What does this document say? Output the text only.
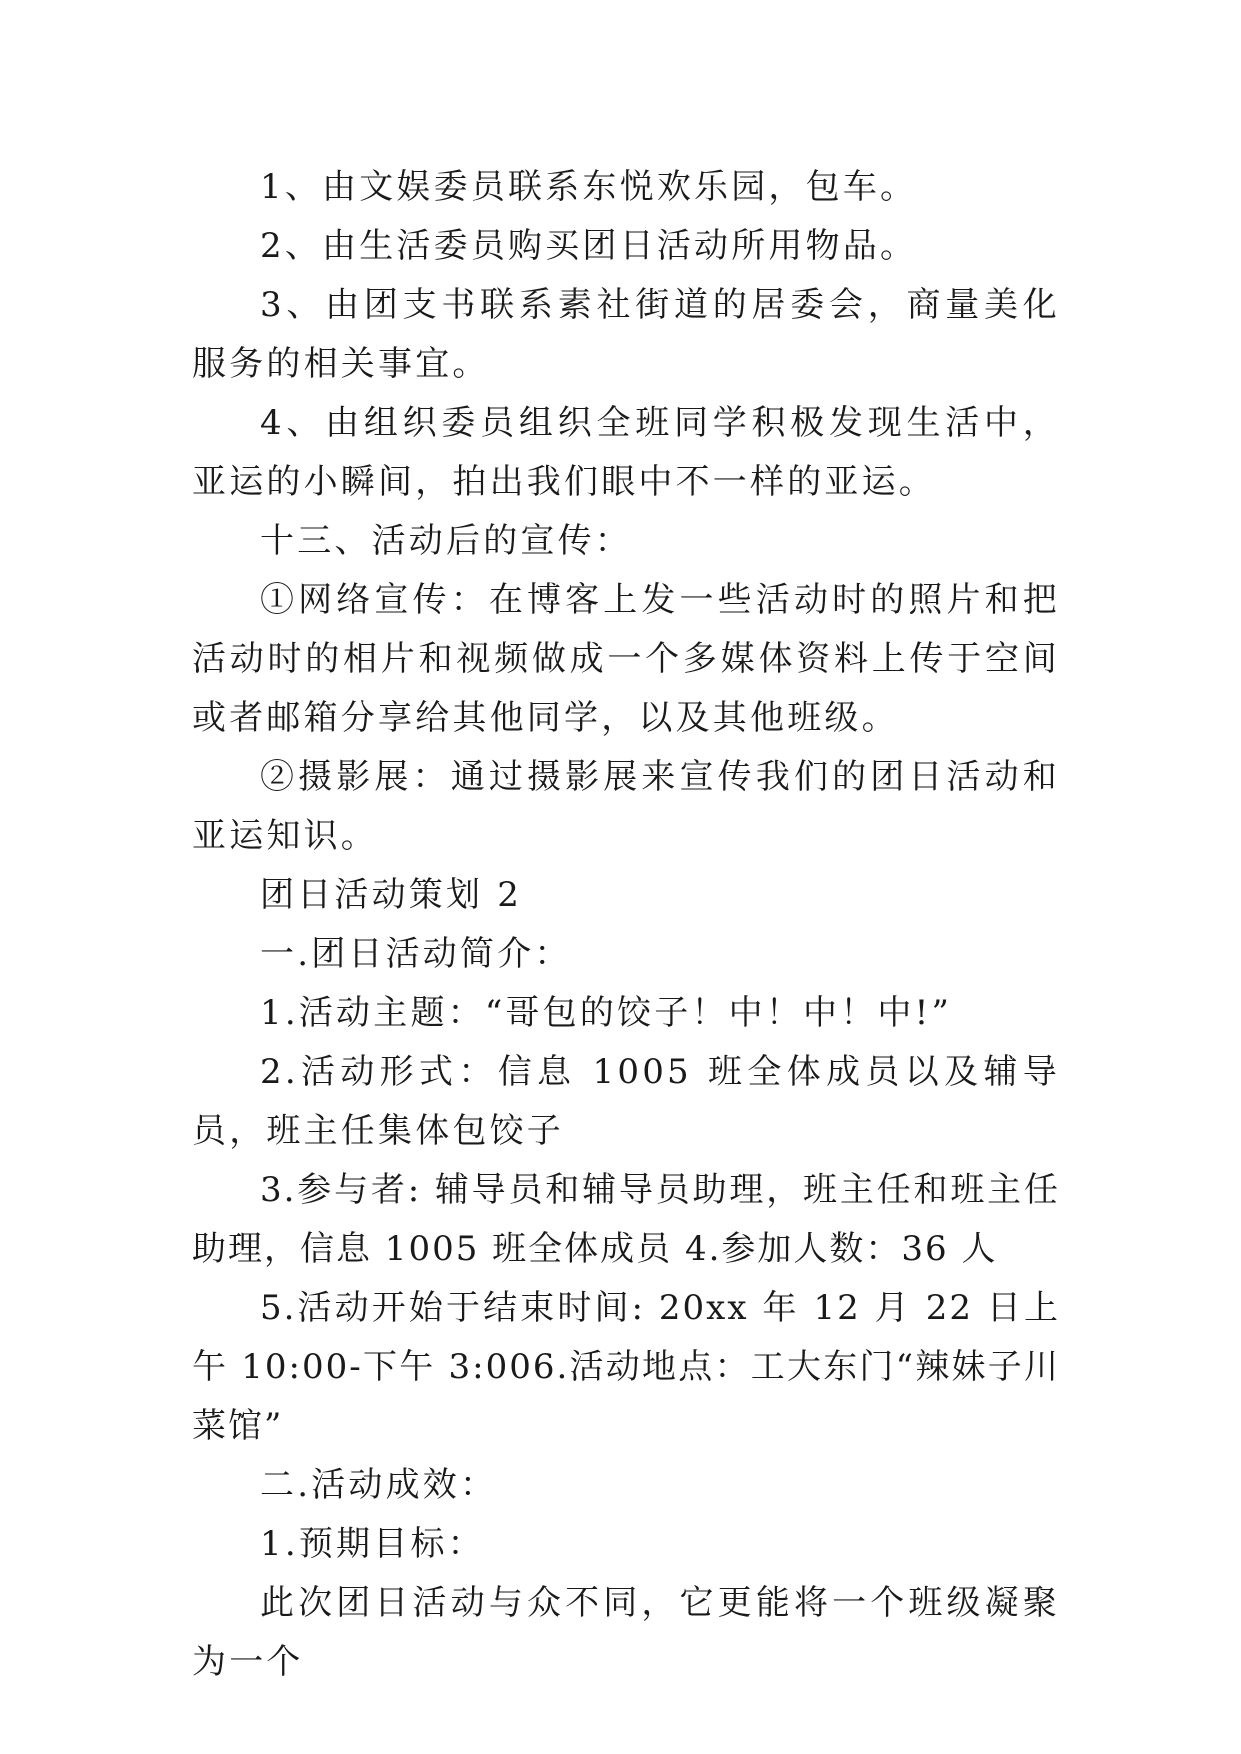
1、由文娱委员联系东悦欢乐园，包车。

2、由生活委员购买团日活动所用物品。

3、由团支书联系素社街道的居委会，商量美化服务的相关事宜。

4、由组织委员组织全班同学积极发现生活中，亚运的小瞬间，拍出我们眼中不一样的亚运。

十三、活动后的宣传：

①网络宣传：在博客上发一些活动时的照片和把活动时的相片和视频做成一个多媒体资料上传于空间或者邮箱分享给其他同学，以及其他班级。

②摄影展：通过摄影展来宣传我们的团日活动和亚运知识。

团日活动策划 2

一.团日活动简介：

1.活动主题：“哥包的饺子！中！中！中!”

2.活动形式：信息 1005 班全体成员以及辅导员，班主任集体包饺子

3.参与者: 辅导员和辅导员助理，班主任和班主任助理，信息 1005 班全体成员 4.参加人数：36 人

5.活动开始于结束时间: 20xx 年 12 月 22 日上午 10:00-下午 3:006.活动地点：工大东门“辣妹子川菜馆”

二.活动成效：

1.预期目标：

此次团日活动与众不同，它更能将一个班级凝聚为一个
